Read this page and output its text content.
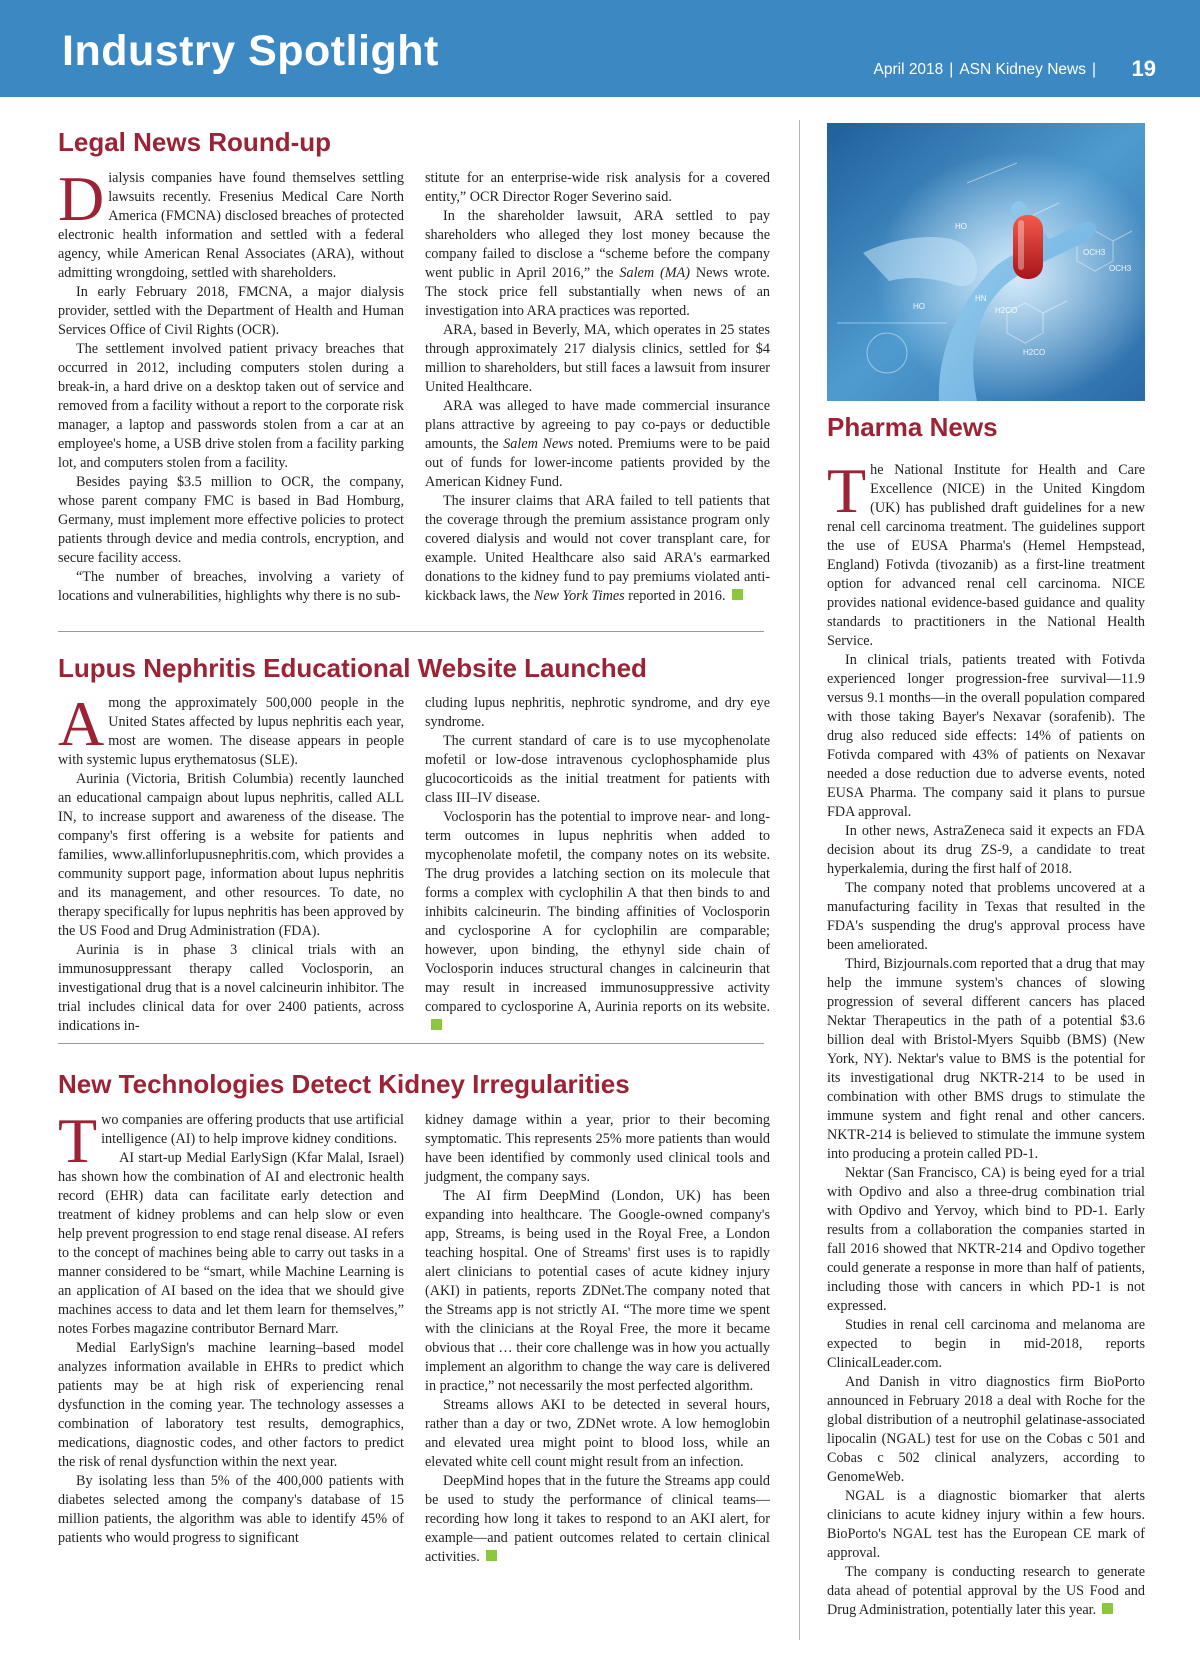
Industry Spotlight	April 2018 | ASN Kidney News | 19
Legal News Round-up

Dialysis companies have found themselves settling lawsuits recently. Fresenius Medical Care North America (FMCNA) disclosed breaches of protected electronic health information and settled with a federal agency, while American Renal Associates (ARA), without admitting wrongdoing, settled with shareholders.

In early February 2018, FMCNA, a major dialysis provider, settled with the Department of Health and Human Services Office of Civil Rights (OCR).

The settlement involved patient privacy breaches that occurred in 2012, including computers stolen during a break-in, a hard drive on a desktop taken out of service and removed from a facility without a report to the corporate risk manager, a laptop and passwords stolen from a car at an employee's home, a USB drive stolen from a facility parking lot, and computers stolen from a facility.

Besides paying $3.5 million to OCR, the company, whose parent company FMC is based in Bad Homburg, Germany, must implement more effective policies to protect patients through device and media controls, encryption, and secure facility access.

“The number of breaches, involving a variety of locations and vulnerabilities, highlights why there is no sub-

stitute for an enterprise-wide risk analysis for a covered entity,” OCR Director Roger Severino said.

In the shareholder lawsuit, ARA settled to pay shareholders who alleged they lost money because the company failed to disclose a “scheme before the company went public in April 2016,” the Salem (MA) News wrote. The stock price fell substantially when news of an investigation into ARA practices was reported.

ARA, based in Beverly, MA, which operates in 25 states through approximately 217 dialysis clinics, settled for $4 million to shareholders, but still faces a lawsuit from insurer United Healthcare.

ARA was alleged to have made commercial insurance plans attractive by agreeing to pay co-pays or deductible amounts, the Salem News noted. Premiums were to be paid out of funds for lower-income patients provided by the American Kidney Fund.

The insurer claims that ARA failed to tell patients that the coverage through the premium assistance program only covered dialysis and would not cover transplant care, for example. United Healthcare also said ARA's earmarked donations to the kidney fund to pay premiums violated anti-kickback laws, the New York Times reported in 2016.

Lupus Nephritis Educational Website Launched

Among the approximately 500,000 people in the United States affected by lupus nephritis each year, most are women. The disease appears in people with systemic lupus erythematosus (SLE).

Aurinia (Victoria, British Columbia) recently launched an educational campaign about lupus nephritis, called ALL IN, to increase support and awareness of the disease. The company's first offering is a website for patients and families, www.allinforlupusnephritis.com, which provides a community support page, information about lupus nephritis and its management, and other resources. To date, no therapy specifically for lupus nephritis has been approved by the US Food and Drug Administration (FDA).

Aurinia is in phase 3 clinical trials with an immunosuppressant therapy called Voclosporin, an investigational drug that is a novel calcineurin inhibitor. The trial includes clinical data for over 2400 patients, across indications in-

cluding lupus nephritis, nephrotic syndrome, and dry eye syndrome.

The current standard of care is to use mycophenolate mofetil or low-dose intravenous cyclophosphamide plus glucocorticoids as the initial treatment for patients with class III–IV disease.

Voclosporin has the potential to improve near- and long-term outcomes in lupus nephritis when added to mycophenolate mofetil, the company notes on its website. The drug provides a latching section on its molecule that forms a complex with cyclophilin A that then binds to and inhibits calcineurin. The binding affinities of Voclosporin and cyclosporine A for cyclophilin are comparable; however, upon binding, the ethynyl side chain of Voclosporin induces structural changes in calcineurin that may result in increased immunosuppressive activity compared to cyclosporine A, Aurinia reports on its website.

New Technologies Detect Kidney Irregularities

Two companies are offering products that use artificial intelligence (AI) to help improve kidney conditions.

AI start-up Medial EarlySign (Kfar Malal, Israel) has shown how the combination of AI and electronic health record (EHR) data can facilitate early detection and treatment of kidney problems and can help slow or even help prevent progression to end stage renal disease. AI refers to the concept of machines being able to carry out tasks in a manner considered to be “smart, while Machine Learning is an application of AI based on the idea that we should give machines access to data and let them learn for themselves,” notes Forbes magazine contributor Bernard Marr.

Medial EarlySign's machine learning–based model analyzes information available in EHRs to predict which patients may be at high risk of experiencing renal dysfunction in the coming year. The technology assesses a combination of laboratory test results, demographics, medications, diagnostic codes, and other factors to predict the risk of renal dysfunction within the next year.

By isolating less than 5% of the 400,000 patients with diabetes selected among the company's database of 15 million patients, the algorithm was able to identify 45% of patients who would progress to significant

kidney damage within a year, prior to their becoming symptomatic. This represents 25% more patients than would have been identified by commonly used clinical tools and judgment, the company says.

The AI firm DeepMind (London, UK) has been expanding into healthcare. The Google-owned company's app, Streams, is being used in the Royal Free, a London teaching hospital. One of Streams' first uses is to rapidly alert clinicians to potential cases of acute kidney injury (AKI) in patients, reports ZDNet.The company noted that the Streams app is not strictly AI. “The more time we spent with the clinicians at the Royal Free, the more it became obvious that … their core challenge was in how you actually implement an algorithm to change the way care is delivered in practice,” not necessarily the most perfected algorithm.

Streams allows AKI to be detected in several hours, rather than a day or two, ZDNet wrote. A low hemoglobin and elevated urea might point to blood loss, while an elevated white cell count might result from an infection.

DeepMind hopes that in the future the Streams app could be used to study the performance of clinical teams—recording how long it takes to respond to an AKI alert, for example—and patient outcomes related to certain clinical activities.

HO
OCH3
OCH3
HO
HN
H2CO
H2CO
Pharma News

The National Institute for Health and Care Excellence (NICE) in the United Kingdom (UK) has published draft guidelines for a new renal cell carcinoma treatment. The guidelines support the use of EUSA Pharma's (Hemel Hempstead, England) Fotivda (tivozanib) as a first-line treatment option for advanced renal cell carcinoma. NICE provides national evidence-based guidance and quality standards to practitioners in the National Health Service.

In clinical trials, patients treated with Fotivda experienced longer progression-free survival—11.9 versus 9.1 months—in the overall population compared with those taking Bayer's Nexavar (sorafenib). The drug also reduced side effects: 14% of patients on Fotivda compared with 43% of patients on Nexavar needed a dose reduction due to adverse events, noted EUSA Pharma. The company said it plans to pursue FDA approval.

In other news, AstraZeneca said it expects an FDA decision about its drug ZS-9, a candidate to treat hyperkalemia, during the first half of 2018.

The company noted that problems uncovered at a manufacturing facility in Texas that resulted in the FDA's suspending the drug's approval process have been ameliorated.

Third, Bizjournals.com reported that a drug that may help the immune system's chances of slowing progression of several different cancers has placed Nektar Therapeutics in the path of a potential $3.6 billion deal with Bristol-Myers Squibb (BMS) (New York, NY). Nektar's value to BMS is the potential for its investigational drug NKTR-214 to be used in combination with other BMS drugs to stimulate the immune system and fight renal and other cancers. NKTR-214 is believed to stimulate the immune system into producing a protein called PD-1.

Nektar (San Francisco, CA) is being eyed for a trial with Opdivo and also a three-drug combination trial with Opdivo and Yervoy, which bind to PD-1. Early results from a collaboration the companies started in fall 2016 showed that NKTR-214 and Opdivo together could generate a response in more than half of patients, including those with cancers in which PD-1 is not expressed.

Studies in renal cell carcinoma and melanoma are expected to begin in mid-2018, reports ClinicalLeader.com.

And Danish in vitro diagnostics firm BioPorto announced in February 2018 a deal with Roche for the global distribution of a neutrophil gelatinase-associated lipocalin (NGAL) test for use on the Cobas c 501 and Cobas c 502 clinical analyzers, according to GenomeWeb.

NGAL is a diagnostic biomarker that alerts clinicians to acute kidney injury within a few hours. BioPorto's NGAL test has the European CE mark of approval.

The company is conducting research to generate data ahead of potential approval by the US Food and Drug Administration, potentially later this year.
